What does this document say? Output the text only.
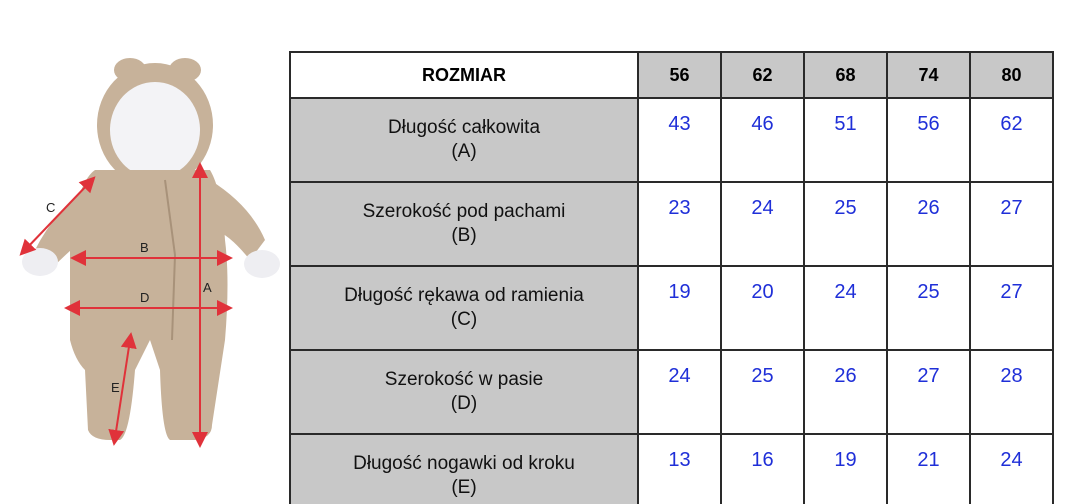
A
B
C
D
E
ROZMIAR	56	62	68	74	80

Długość całkowita
(A)	43	46	51	56	62

Szerokość pod pachami
(B)	23	24	25	26	27

Długość rękawa od ramienia
(C)	19	20	24	25	27

Szerokość w pasie
(D)	24	25	26	27	28

Długość nogawki od kroku
(E)	13	16	19	21	24
